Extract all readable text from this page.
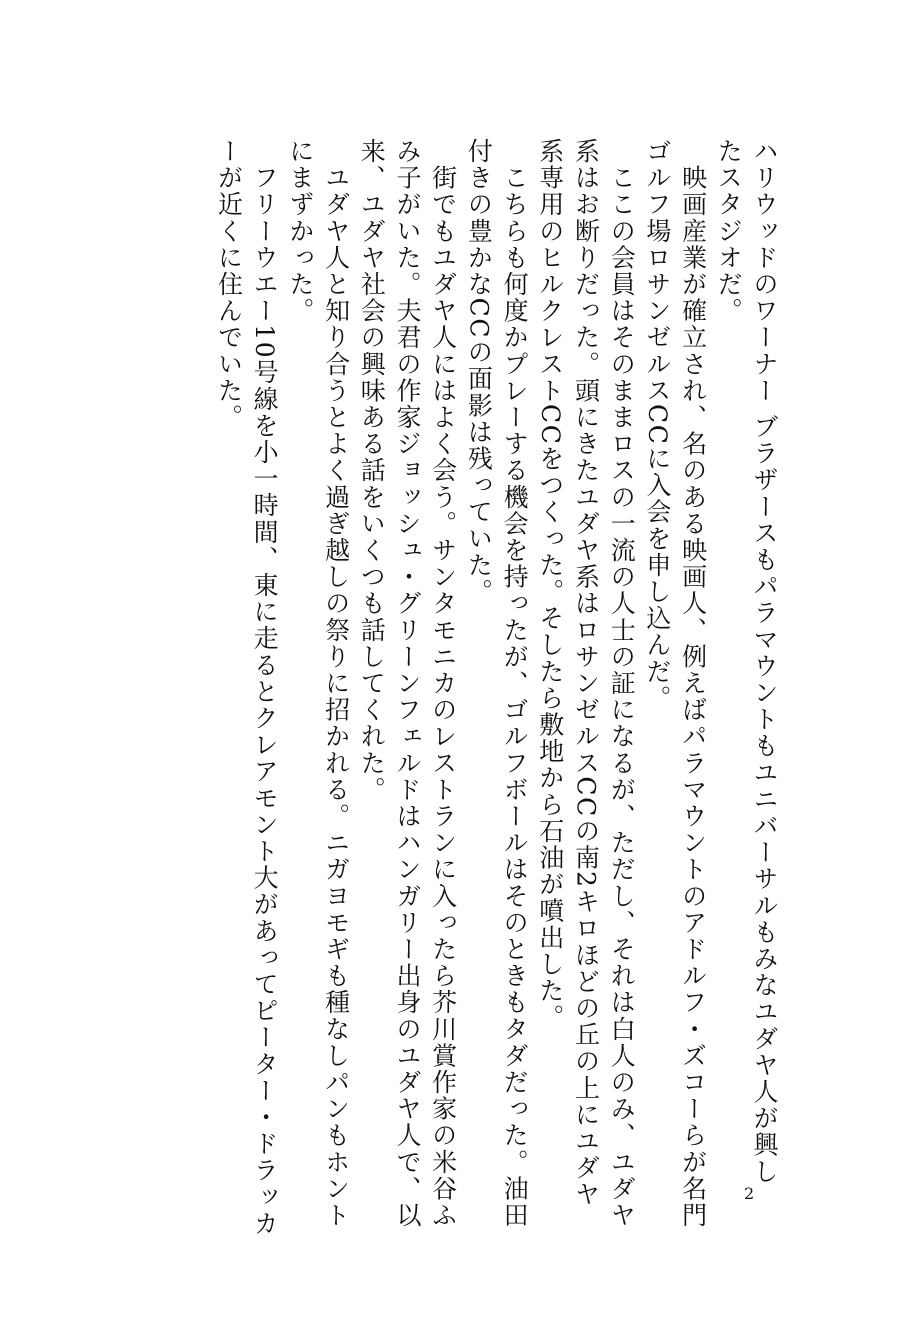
ハリウッドのワーナー ブラザースもパラマウントもユニバーサルもみなユダヤ人が興し

たスタジオだ。

　映画産業が確立され、名のある映画人、例えばパラマウントのアドルフ・ズコーらが名門

ゴルフ場ロサンゼルスCCに入会を申し込んだ。

　ここの会員はそのままロスの一流の人士の証になるが、ただし、それは白人のみ、ユダヤ

系はお断りだった。頭にきたユダヤ系はロサンゼルスCCの南2キロほどの丘の上にユダヤ

系専用のヒルクレストCCをつくった。そしたら敷地から石油が噴出した。

　こちらも何度かプレーする機会を持ったが、ゴルフボールはそのときもタダだった。油田

付きの豊かなCCの面影は残っていた。

　街でもユダヤ人にはよく会う。サンタモニカのレストランに入ったら芥川賞作家の米谷ふ

み子がいた。夫君の作家ジョッシュ・グリーンフェルドはハンガリー出身のユダヤ人で、以

来、ユダヤ社会の興味ある話をいくつも話してくれた。

　ユダヤ人と知り合うとよく過ぎ越しの祭りに招かれる。ニガヨモギも種なしパンもホント

にまずかった。

　フリーウエー10号線を小一時間、東に走るとクレアモント大があってピーター・ドラッカ

ーが近くに住んでいた。

2
